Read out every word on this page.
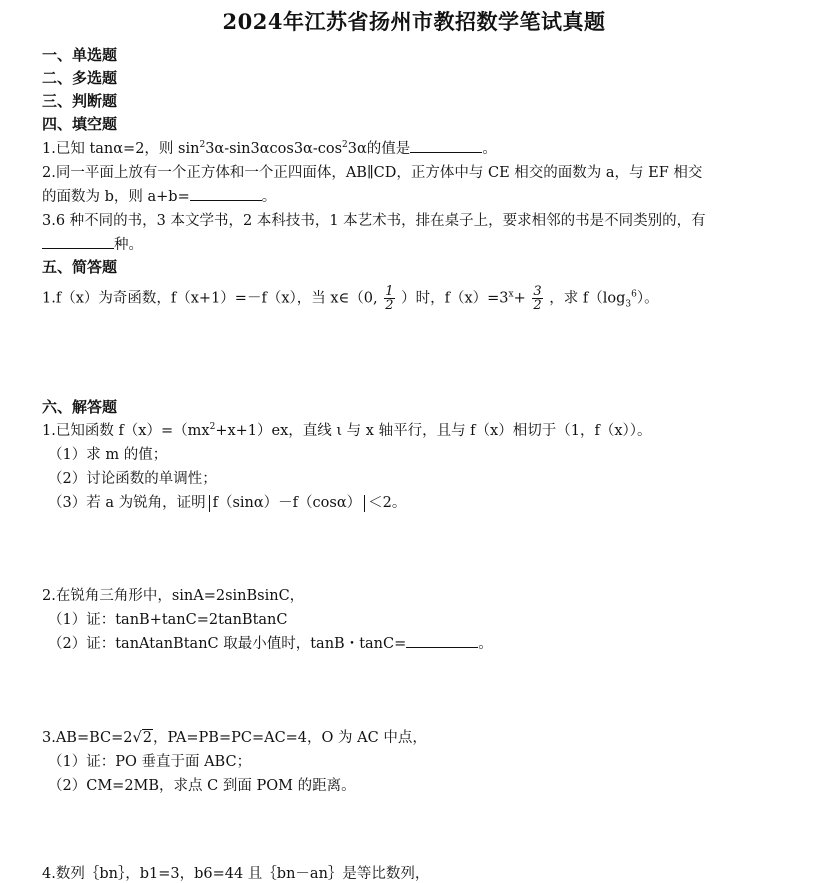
2024年江苏省扬州市教招数学笔试真题
一、单选题
二、多选题
三、判断题
四、填空题
1.已知 tanα=2，则 $\sin^23\alpha-\sin 3\alpha\cos 3\alpha-\cos^23\alpha$的值是	。
2.同一平面上放有一个正方体和一个正四面体，AB∥CD，正方体中与 CE 相交的面数为 a，与 EF 相交
的面数为 b，则 a+b=	。
3.6 种不同的书，3 本文学书，2 本科技书，1 本艺术书，排在桌子上，要求相邻的书是不同类别的，有
种。
五、简答题
1.f（x）为奇函数，f（x+1）=－f（x），当 x∈（0, $\frac{1}{2}$ ）时，$f(x)=3^x+ \frac{3}{2}$ ，求 $f(\log_3^6)$。
六、解答题
1.已知函数 $f(x)=(mx^2+x+1)ex$，直线 ι 与 x 轴平行，且与 f（x）相切于（1，f（x））。
（1）求 m 的值；
（2）讨论函数的单调性；
（3）若 a 为锐角，证明 f（sinα）－f（cosα） ＜2。
2.在锐角三角形中，sinA=2sinBsinC，
（1）证：tanB+tanC=2tanBtanC
（2）证：tanAtanBtanC 取最小值时，tanB・tanC=	。
3.AB=BC=2√2，PA=PB=PC=AC=4，O 为 AC 中点，
（1）证：PO 垂直于面 ABC；
（2）CM=2MB，求点 C 到面 POM 的距离。
4.数列｛bn｝，b1=3，b6=44 且｛bn－an｝是等比数列，
